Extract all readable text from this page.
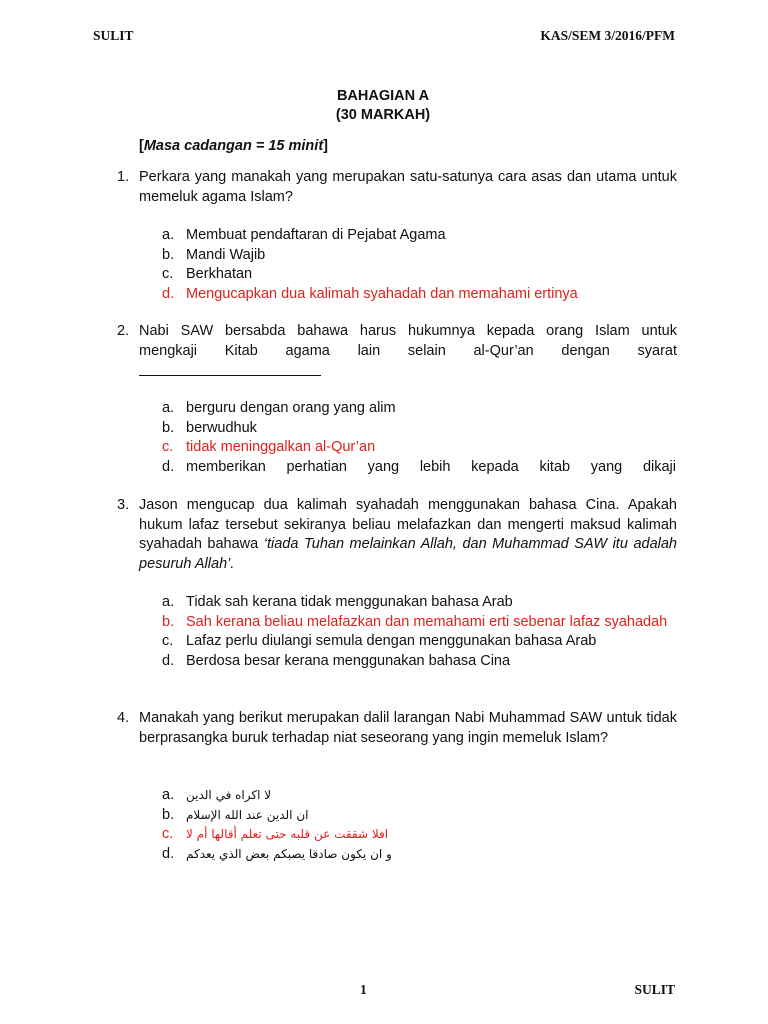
SULIT	KAS/SEM 3/2016/PFM
BAHAGIAN A
(30 MARKAH)
[Masa cadangan = 15 minit]
1. Perkara yang manakah yang merupakan satu-satunya cara asas dan utama untuk memeluk agama Islam?
a. Membuat pendaftaran di Pejabat Agama
b. Mandi Wajib
c. Berkhatan
d. Mengucapkan dua kalimah syahadah dan memahami ertinya
2. Nabi SAW bersabda bahawa harus hukumnya kepada orang Islam untuk
mengkaji Kitab agama lain selain al-Qur’an dengan syarat
a. berguru dengan orang yang alim
b. berwudhuk
c. tidak meninggalkan al-Qur’an
d. memberikan perhatian yang lebih kepada kitab yang dikaji
3. Jason mengucap dua kalimah syahadah menggunakan bahasa Cina. Apakah hukum lafaz tersebut sekiranya beliau melafazkan dan mengerti maksud kalimah syahadah bahawa ‘tiada Tuhan melainkan Allah, dan Muhammad SAW itu adalah pesuruh Allah’.
a. Tidak sah kerana tidak menggunakan bahasa Arab
b. Sah kerana beliau melafazkan dan memahami erti sebenar lafaz syahadah
c. Lafaz perlu diulangi semula dengan menggunakan bahasa Arab
d. Berdosa besar kerana menggunakan bahasa Cina
4. Manakah yang berikut merupakan dalil larangan Nabi Muhammad SAW untuk tidak berprasangka buruk terhadap niat seseorang yang ingin memeluk Islam?
a. لا اكراه في الدين
b. ان الدين عند الله الإسلام
c. افلا شققت عن قلبه حتى تعلم أقالها أم لا
d. و ان يكون صادقا يصبكم بعض الذي يعدكم
1	SULIT
